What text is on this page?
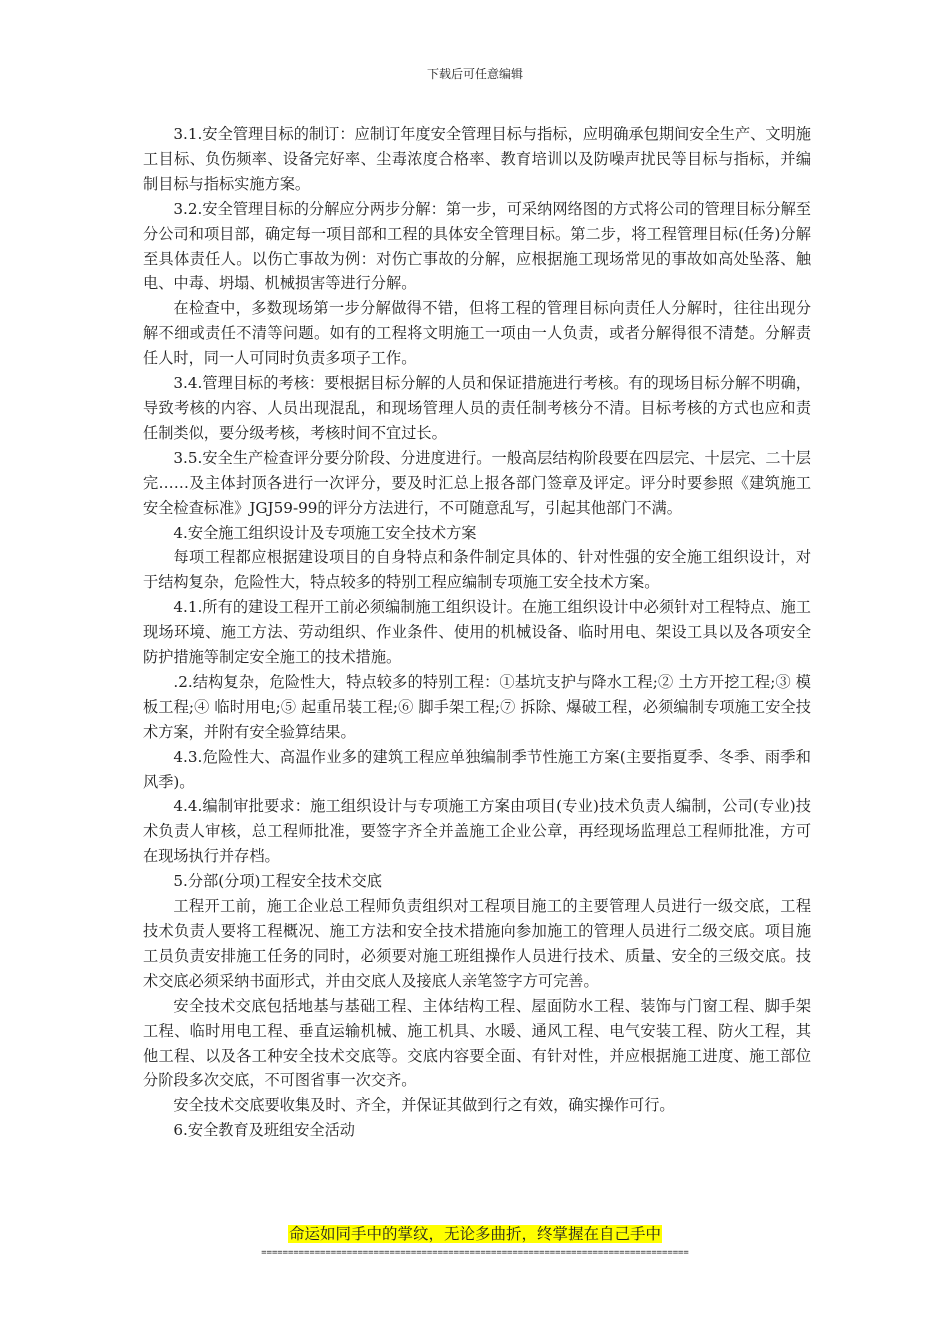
下载后可任意编辑

3.1.安全管理目标的制订：应制订年度安全管理目标与指标，应明确承包期间安全生产、文明施工目标、负伤频率、设备完好率、尘毒浓度合格率、教育培训以及防噪声扰民等目标与指标，并编制目标与指标实施方案。

3.2.安全管理目标的分解应分两步分解：第一步，可采纳网络图的方式将公司的管理目标分解至分公司和项目部，确定每一项目部和工程的具体安全管理目标。第二步，将工程管理目标(任务)分解至具体责任人。以伤亡事故为例：对伤亡事故的分解，应根据施工现场常见的事故如高处坠落、触电、中毒、坍塌、机械损害等进行分解。

在检查中，多数现场第一步分解做得不错，但将工程的管理目标向责任人分解时，往往出现分解不细或责任不清等问题。如有的工程将文明施工一项由一人负责，或者分解得很不清楚。分解责任人时，同一人可同时负责多项子工作。

3.4.管理目标的考核：要根据目标分解的人员和保证措施进行考核。有的现场目标分解不明确，导致考核的内容、人员出现混乱，和现场管理人员的责任制考核分不清。目标考核的方式也应和责任制类似，要分级考核，考核时间不宜过长。

3.5.安全生产检查评分要分阶段、分进度进行。一般高层结构阶段要在四层完、十层完、二十层完……及主体封顶各进行一次评分，要及时汇总上报各部门签章及评定。评分时要参照《建筑施工安全检查标准》JGJ59-99的评分方法进行，不可随意乱写，引起其他部门不满。

4.安全施工组织设计及专项施工安全技术方案

每项工程都应根据建设项目的自身特点和条件制定具体的、针对性强的安全施工组织设计，对于结构复杂，危险性大，特点较多的特别工程应编制专项施工安全技术方案。

4.1.所有的建设工程开工前必须编制施工组织设计。在施工组织设计中必须针对工程特点、施工现场环境、施工方法、劳动组织、作业条件、使用的机械设备、临时用电、架设工具以及各项安全防护措施等制定安全施工的技术措施。

.2.结构复杂，危险性大，特点较多的特别工程：①基坑支护与降水工程;② 土方开挖工程;③ 模板工程;④ 临时用电;⑤ 起重吊装工程;⑥ 脚手架工程;⑦ 拆除、爆破工程，必须编制专项施工安全技术方案，并附有安全验算结果。

4.3.危险性大、高温作业多的建筑工程应单独编制季节性施工方案(主要指夏季、冬季、雨季和风季)。

4.4.编制审批要求：施工组织设计与专项施工方案由项目(专业)技术负责人编制，公司(专业)技术负责人审核，总工程师批准，要签字齐全并盖施工企业公章，再经现场监理总工程师批准，方可在现场执行并存档。

5.分部(分项)工程安全技术交底

工程开工前，施工企业总工程师负责组织对工程项目施工的主要管理人员进行一级交底，工程技术负责人要将工程概况、施工方法和安全技术措施向参加施工的管理人员进行二级交底。项目施工员负责安排施工任务的同时，必须要对施工班组操作人员进行技术、质量、安全的三级交底。技术交底必须采纳书面形式，并由交底人及接底人亲笔签字方可完善。

安全技术交底包括地基与基础工程、主体结构工程、屋面防水工程、装饰与门窗工程、脚手架工程、临时用电工程、垂直运输机械、施工机具、水暖、通风工程、电气安装工程、防火工程，其他工程、以及各工种安全技术交底等。交底内容要全面、有针对性，并应根据施工进度、施工部位分阶段多次交底，不可图省事一次交齐。

安全技术交底要收集及时、齐全，并保证其做到行之有效，确实操作可行。

6.安全教育及班组安全活动

命运如同手中的掌纹，无论多曲折，终掌握在自己手中
================================================================================
